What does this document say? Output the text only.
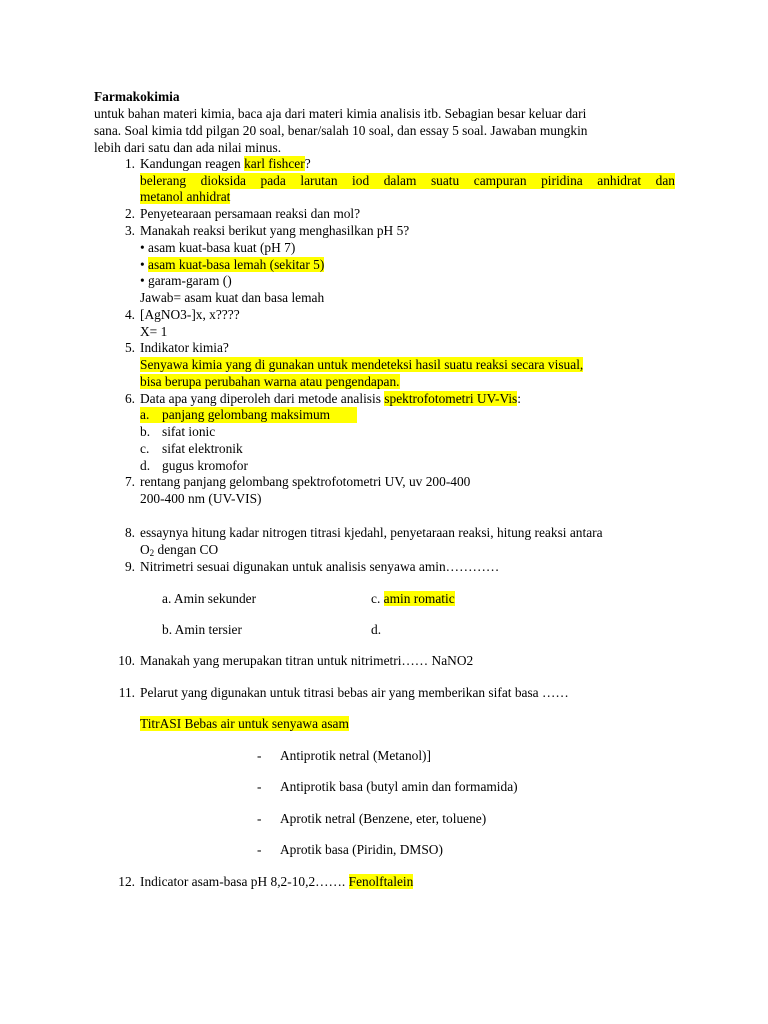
Farmakokimia
untuk bahan materi kimia, baca aja dari materi kimia analisis itb. Sebagian besar keluar dari
sana. Soal kimia tdd pilgan 20 soal, benar/salah 10 soal, dan essay 5 soal. Jawaban mungkin
lebih dari satu dan ada nilai minus.
1. Kandungan reagen karl fishcer?
belerang dioksida pada larutan iod dalam suatu campuran piridina anhidrat dan
metanol anhidrat
2. Penyetearaan persamaan reaksi dan mol?
3. Manakah reaksi berikut yang menghasilkan pH 5?
• asam kuat-basa kuat (pH 7)
• asam kuat-basa lemah (sekitar 5)
• garam-garam ()
Jawab= asam kuat dan basa lemah
4. [AgNO3-]x, x????
X= 1
5. Indikator kimia?
Senyawa kimia yang di gunakan untuk mendeteksi hasil suatu reaksi secara visual,
bisa berupa perubahan warna atau pengendapan.
6. Data apa yang diperoleh dari metode analisis spektrofotometri UV-Vis:
a. panjang gelombang maksimum
b. sifat ionic
c. sifat elektronik
d. gugus kromofor
7. rentang panjang gelombang spektrofotometri UV, uv 200-400
200-400 nm (UV-VIS)
8. essaynya hitung kadar nitrogen titrasi kjedahl, penyetaraan reaksi, hitung reaksi antara
$O_2$ dengan CO
9. Nitrimetri sesuai digunakan untuk analisis senyawa amin…………
a. Amin sekunder	c. amin romatic
b. Amin tersier	d.
10. Manakah yang merupakan titran untuk nitrimetri…… NaNO2
11. Pelarut yang digunakan untuk titrasi bebas air yang memberikan sifat basa ……
TitrASI Bebas air untuk senyawa asam
- Antiprotik netral (Metanol)]
- Antiprotik basa (butyl amin dan formamida)
- Aprotik netral (Benzene, eter, toluene)
- Aprotik basa (Piridin, DMSO)
12. Indicator asam-basa pH 8,2-10,2……. Fenolftalein
